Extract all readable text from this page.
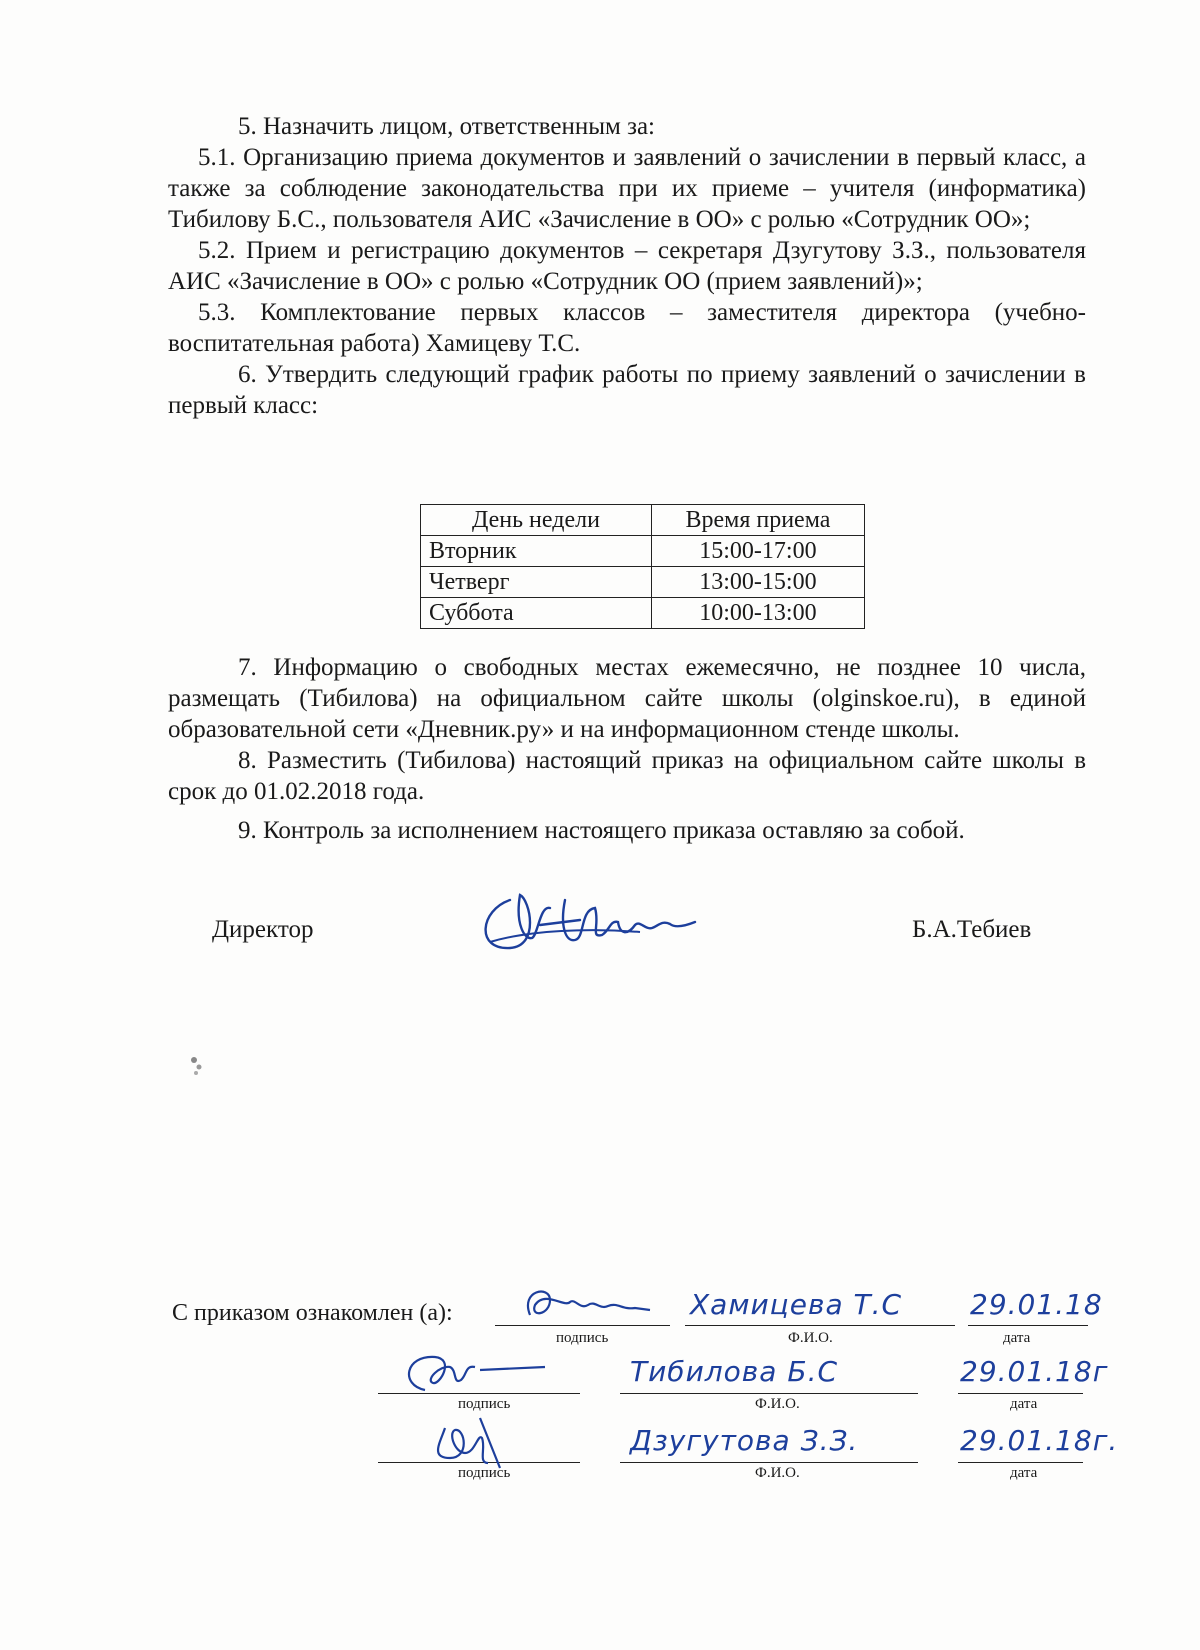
5. Назначить лицом, ответственным за:

5.1. Организацию приема документов и заявлений о зачислении в первый класс, а также за соблюдение законодательства при их приеме – учителя (информатика) Тибилову Б.С., пользователя АИС «Зачисление в ОО» с ролью «Сотрудник ОО»;

5.2. Прием и регистрацию документов – секретаря Дзугутову З.З., пользователя АИС «Зачисление в ОО» с ролью «Сотрудник ОО (прием заявлений)»;

5.3. Комплектование первых классов – заместителя директора (учебно-воспитательная работа) Хамицеву Т.С.

6. Утвердить следующий график работы по приему заявлений о зачислении в первый класс:

День недели	Время приема
Вторник	15:00-17:00
Четверг	13:00-15:00
Суббота	10:00-13:00

7. Информацию о свободных местах ежемесячно, не позднее 10 числа, размещать (Тибилова) на официальном сайте школы (olginskoe.ru), в единой образовательной сети «Дневник.ру» и на информационном стенде школы.

8. Разместить (Тибилова) настоящий приказ на официальном сайте школы в срок до 01.02.2018 года.

9. Контроль за исполнением настоящего приказа оставляю за собой.

Директор	Б.А.Тебиев
С приказом ознакомлен (а):
подпись	Ф.И.О.	дата
Хамицева Т.С 29.01.18
подпись	Ф.И.О.	дата
Тибилова Б.С	29.01.18г
подпись	Ф.И.О.	дата
Дзугутова З.З.	29.01.18г.
